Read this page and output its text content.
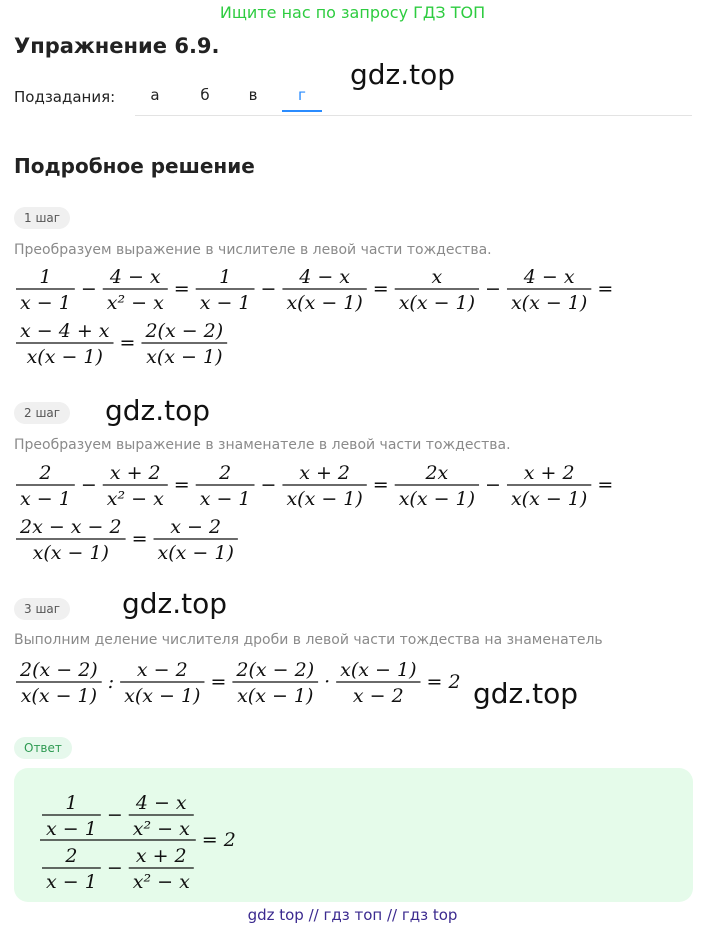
Ищите нас по запросу ГДЗ ТОП
Упражнение 6.9.
gdz.top
Подзадания:	а	б	в	г
Подробное решение
1 шаг
Преобразуем выражение в числителе в левой части тождества.
2 шаг	gdz.top
Преобразуем выражение в знаменателе в левой части тождества.
3 шаг	gdz.top
Выполним деление числителя дроби в левой части тождества на знаменатель
gdz.top
Ответ
1
x − 1
−
4 − x
x² − x
=
1
x − 1
−
4 − x
x(x − 1)
=
x
x(x − 1)
−
4 − x
x(x − 1)
=
x − 4 + x
x(x − 1)
=
2(x − 2)
x(x − 1)
2
x − 1
−
x + 2
x² − x
=
2
x − 1
−
x + 2
x(x − 1)
=
2x
x(x − 1)
−
x + 2
x(x − 1)
=
2x − x − 2
x(x − 1)
=
x − 2
x(x − 1)
2(x − 2)
x(x − 1)
:
x − 2
x(x − 1)
=
2(x − 2)
x(x − 1)
·
x(x − 1)
x − 2
= 2
1
x − 1
−
4 − x
x² − x
2
x − 1
−
x + 2
x² − x
= 2
gdz top // гдз топ // гдз top
